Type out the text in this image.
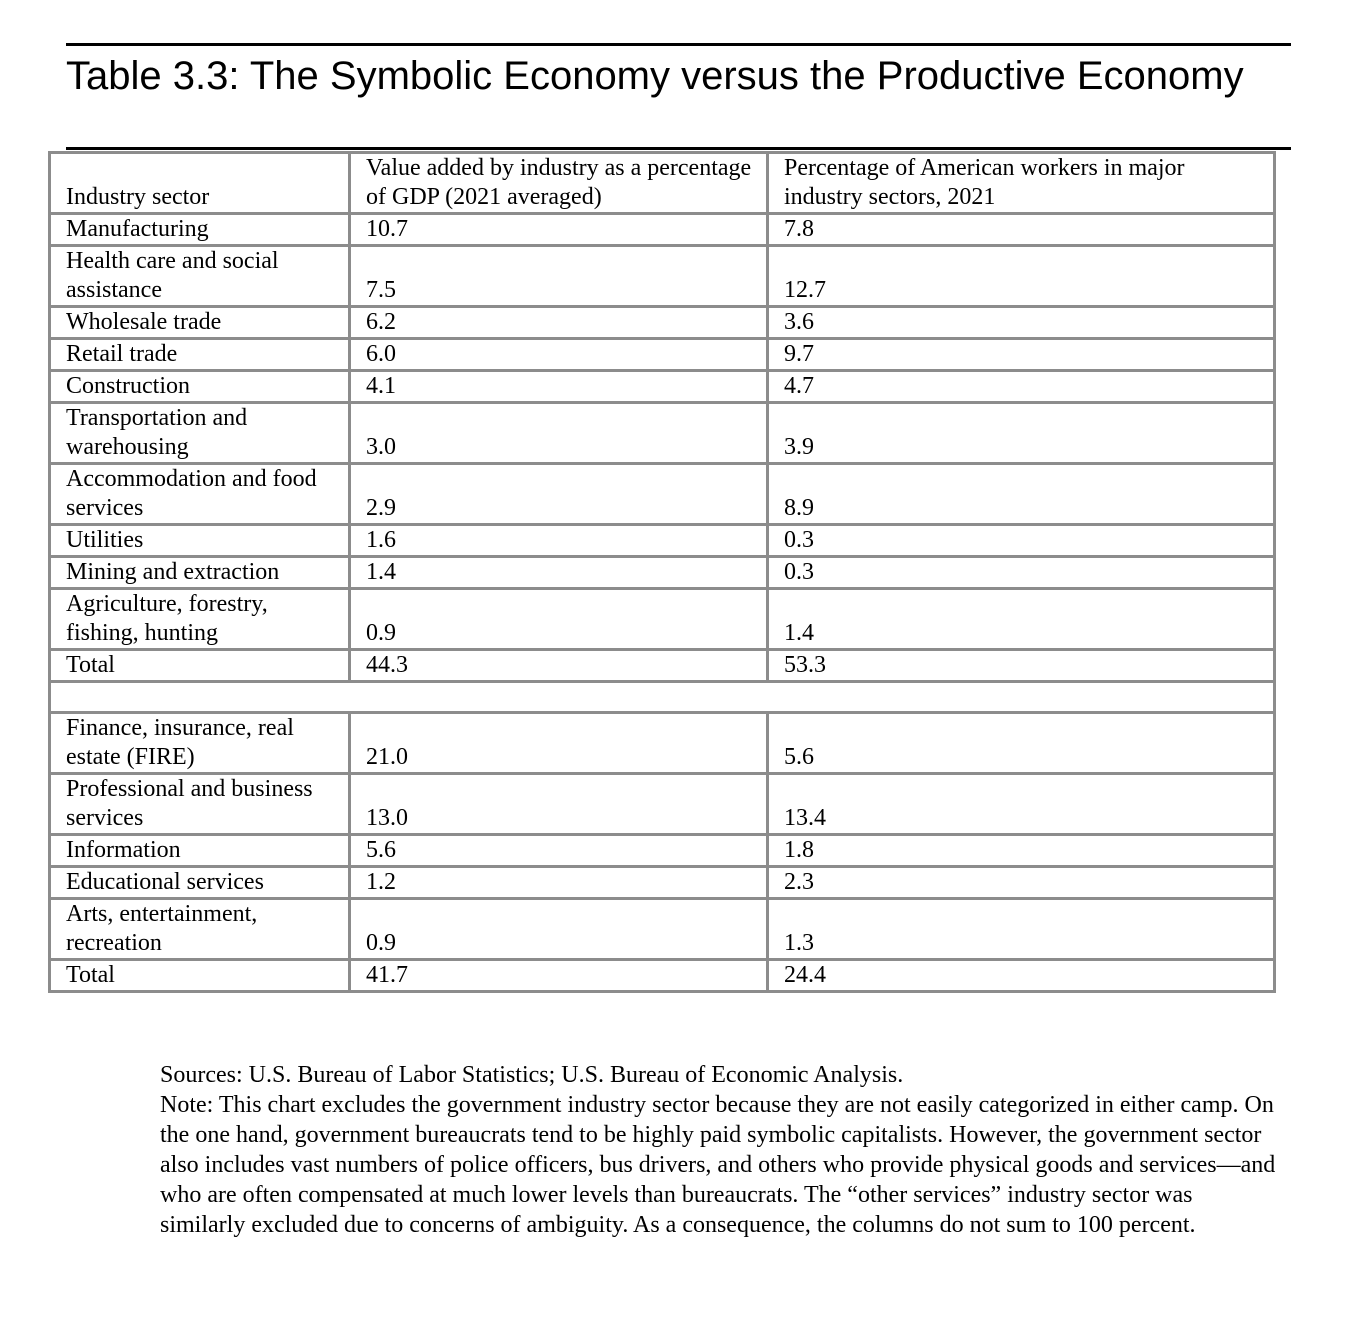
Table 3.3: The Symbolic Economy versus the Productive Economy
Industry sector	Value added by industry as a percentage of GDP (2021 averaged)	Percentage of American workers in major industry sectors, 2021
Manufacturing	10.7	7.8
Health care and social assistance	7.5	12.7
Wholesale trade	6.2	3.6
Retail trade	6.0	9.7
Construction	4.1	4.7
Transportation and warehousing	3.0	3.9
Accommodation and food services	2.9	8.9
Utilities	1.6	0.3
Mining and extraction	1.4	0.3
Agriculture, forestry, fishing, hunting	0.9	1.4
Total	44.3	53.3

Finance, insurance, real estate (FIRE)	21.0	5.6
Professional and business services	13.0	13.4
Information	5.6	1.8
Educational services	1.2	2.3
Arts, entertainment, recreation	0.9	1.3
Total	41.7	24.4

Sources: U.S. Bureau of Labor Statistics; U.S. Bureau of Economic Analysis.

Note: This chart excludes the government industry sector because they are not easily categorized in either camp. On the one hand, government bureaucrats tend to be highly paid symbolic capitalists. However, the government sector also includes vast numbers of police officers, bus drivers, and others who provide physical goods and services—and who are often compensated at much lower levels than bureaucrats. The “other services” industry sector was similarly excluded due to concerns of ambiguity. As a consequence, the columns do not sum to 100 percent.
